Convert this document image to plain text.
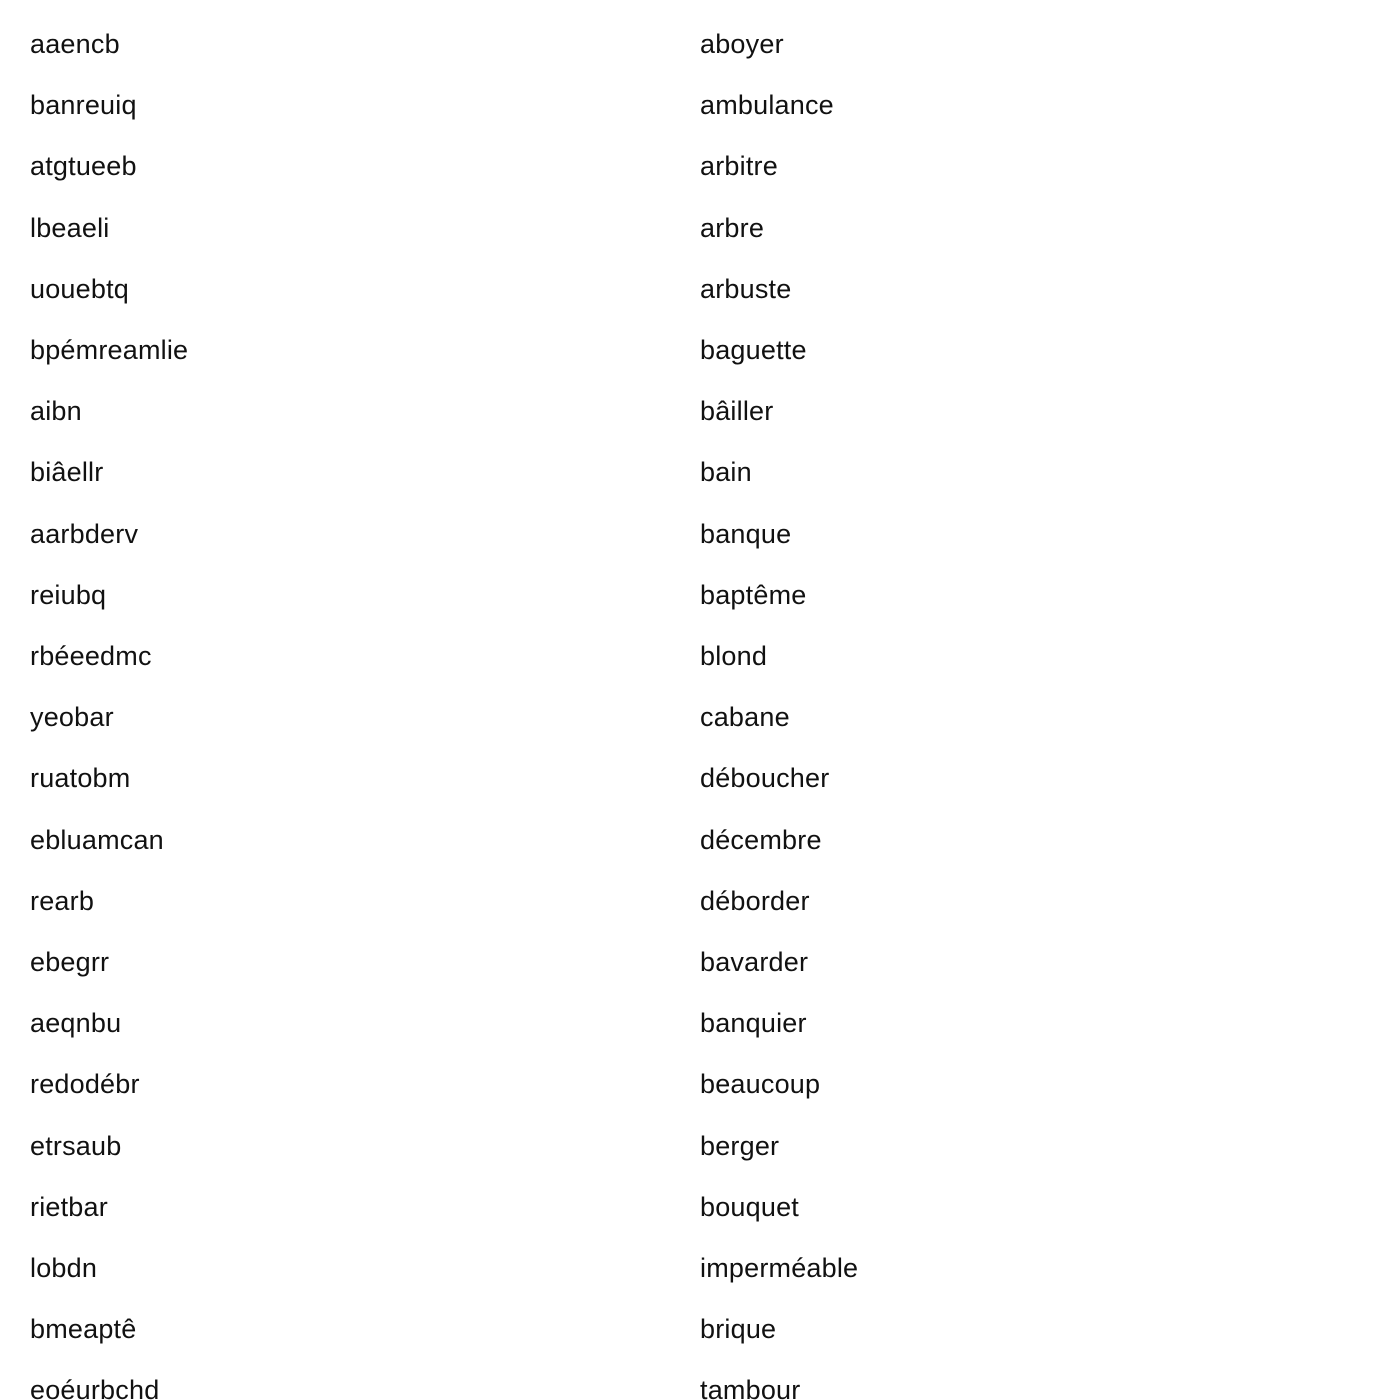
aaencb
banreuiq
atgtueeb
lbeaeli
uouebtq
bpémreamlie
aibn
biâellr
aarbderv
reiubq
rbéeedmc
yeobar
ruatobm
ebluamcan
rearb
ebegrr
aeqnbu
redodébr
etrsaub
rietbar
lobdn
bmeaptê
eoéurbchd
aboyer
ambulance
arbitre
arbre
arbuste
baguette
bâiller
bain
banque
baptême
blond
cabane
déboucher
décembre
déborder
bavarder
banquier
beaucoup
berger
bouquet
imperméable
brique
tambour
